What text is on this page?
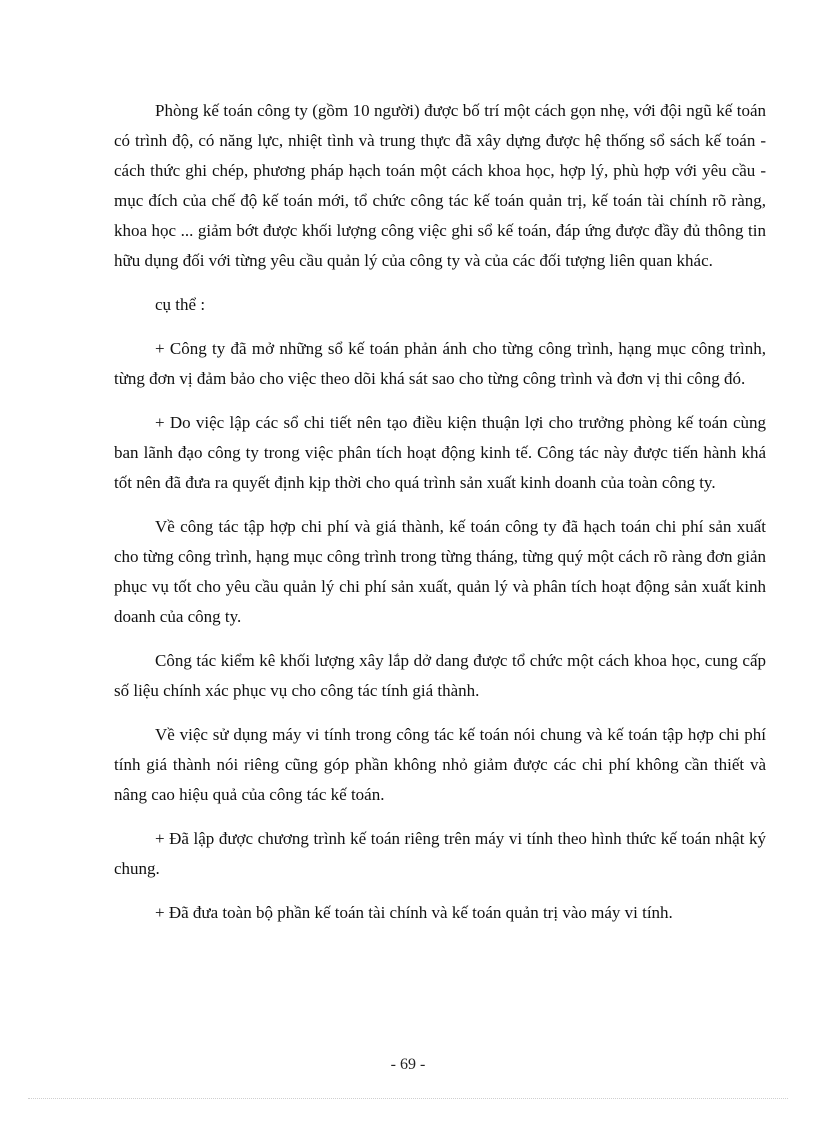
Phòng kế toán công ty (gồm 10 người) được bố trí một cách gọn nhẹ, với đội ngũ kế toán có trình độ, có năng lực, nhiệt tình và trung thực đã xây dựng được hệ thống sổ sách kế toán - cách thức ghi chép, phương pháp hạch toán một cách khoa học, hợp lý, phù hợp với yêu cầu - mục đích của chế độ kế toán mới, tổ chức công tác kế toán quản trị, kế toán tài chính rõ ràng, khoa học ... giảm bớt được khối lượng công việc ghi sổ kế toán, đáp ứng được đầy đủ thông tin hữu dụng đối với từng yêu cầu quản lý của công ty và của các đối tượng liên quan khác.

cụ thể :

+ Công ty đã mở những sổ kế toán phản ánh cho từng công trình, hạng mục công trình, từng đơn vị đảm bảo cho việc theo dõi khá sát sao cho từng công trình và đơn vị thi công đó.

+ Do việc lập các sổ chi tiết nên tạo điều kiện thuận lợi cho trưởng phòng kế toán cùng ban lãnh đạo công ty trong việc phân tích hoạt động kinh tế. Công tác này được tiến hành khá tốt nên đã đưa ra quyết định kịp thời cho quá trình sản xuất kinh doanh của toàn công ty.

Về công tác tập hợp chi phí và giá thành, kế toán công ty đã hạch toán chi phí sản xuất cho từng công trình, hạng mục công trình trong từng tháng, từng quý một cách rõ ràng đơn giản phục vụ tốt cho yêu cầu quản lý chi phí sản xuất, quản lý và phân tích hoạt động sản xuất kinh doanh của công ty.

Công tác kiểm kê khối lượng xây lắp dở dang được tổ chức một cách khoa học, cung cấp số liệu chính xác phục vụ cho công tác tính giá thành.

Về việc sử dụng máy vi tính trong công tác kế toán nói chung và kế toán tập hợp chi phí tính giá thành nói riêng cũng góp phần không nhỏ giảm được các chi phí không cần thiết và nâng cao hiệu quả của công tác kế toán.

+ Đã lập được chương trình kế toán riêng trên máy vi tính theo hình thức kế toán nhật ký chung.

+ Đã đưa toàn bộ phần kế toán tài chính và kế toán quản trị vào máy vi tính.

- 69 -
